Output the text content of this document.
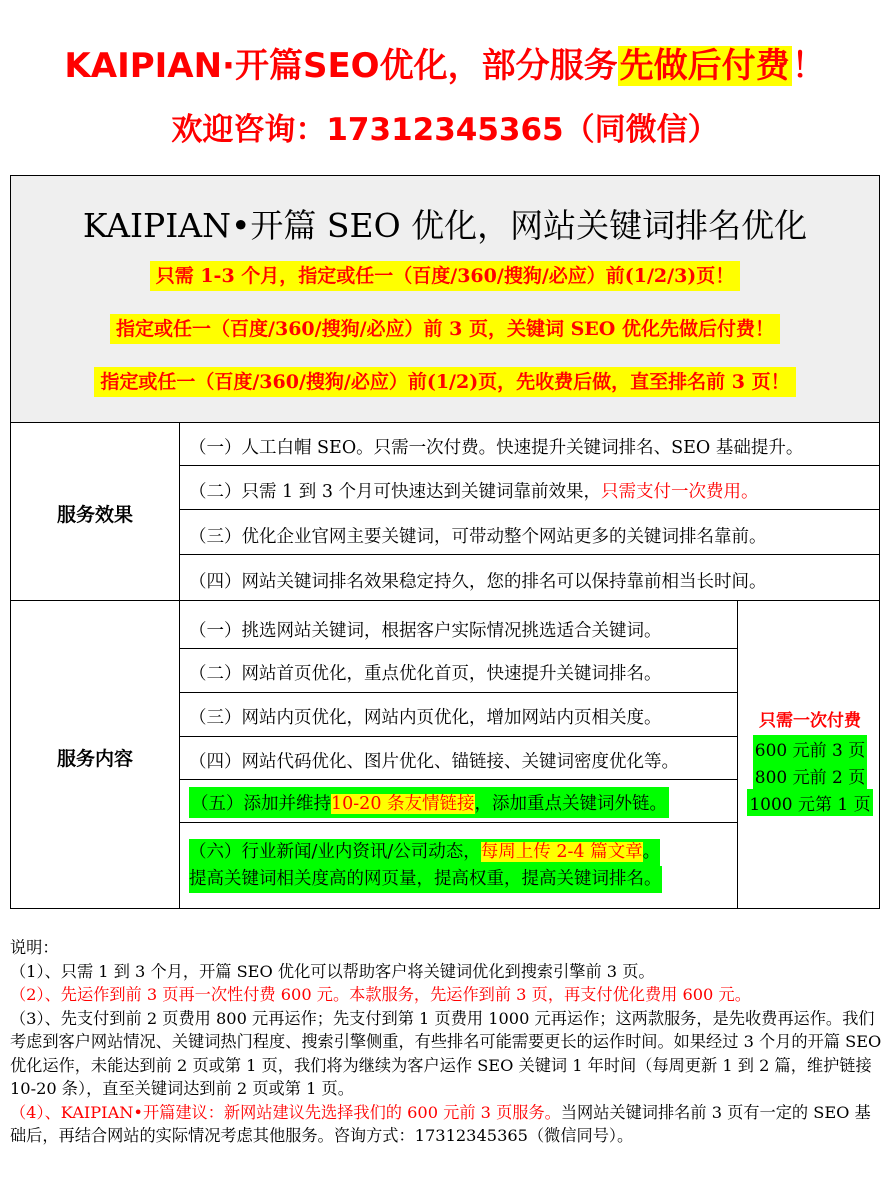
KAIPIAN·开篇SEO优化，部分服务先做后付费！
欢迎咨询：17312345365（同微信）
KAIPIAN•开篇 SEO 优化，网站关键词排名优化
只需 1-3 个月，指定或任一（百度/360/搜狗/必应）前(1/2/3)页！
指定或任一（百度/360/搜狗/必应）前 3 页，关键词 SEO 优化先做后付费！
指定或任一（百度/360/搜狗/必应）前(1/2)页，先收费后做，直至排名前 3 页！
服务效果
（一）人工白帽 SEO。只需一次付费。快速提升关键词排名、SEO 基础提升。
（二）只需 1 到 3 个月可快速达到关键词靠前效果，只需支付一次费用。
（三）优化企业官网主要关键词，可带动整个网站更多的关键词排名靠前。
（四）网站关键词排名效果稳定持久，您的排名可以保持靠前相当长时间。
服务内容
（一）挑选网站关键词，根据客户实际情况挑选适合关键词。
（二）网站首页优化，重点优化首页，快速提升关键词排名。
（三）网站内页优化，网站内页优化，增加网站内页相关度。
（四）网站代码优化、图片优化、锚链接、关键词密度优化等。
（五）添加并维持10-20 条友情链接，添加重点关键词外链。
（六）行业新闻/业内资讯/公司动态，每周上传 2-4 篇文章。
提高关键词相关度高的网页量，提高权重，提高关键词排名。
只需一次付费
600 元前 3 页
800 元前 2 页
1000 元第 1 页

说明：

（1）、只需 1 到 3 个月，开篇 SEO 优化可以帮助客户将关键词优化到搜索引擎前 3 页。

（2）、先运作到前 3 页再一次性付费 600 元。本款服务，先运作到前 3 页，再支付优化费用 600 元。

（3）、先支付到前 2 页费用 800 元再运作；先支付到第 1 页费用 1000 元再运作；这两款服务，是先收费再运作。我们考虑到客户网站情况、关键词热门程度、搜索引擎侧重，有些排名可能需要更长的运作时间。如果经过 3 个月的开篇 SEO 优化运作，未能达到前 2 页或第 1 页，我们将为继续为客户运作 SEO 关键词 1 年时间（每周更新 1 到 2 篇，维护链接 10-20 条），直至关键词达到前 2 页或第 1 页。

（4）、KAIPIAN•开篇建议：新网站建议先选择我们的 600 元前 3 页服务。当网站关键词排名前 3 页有一定的 SEO 基础后，再结合网站的实际情况考虑其他服务。咨询方式：17312345365（微信同号）。
